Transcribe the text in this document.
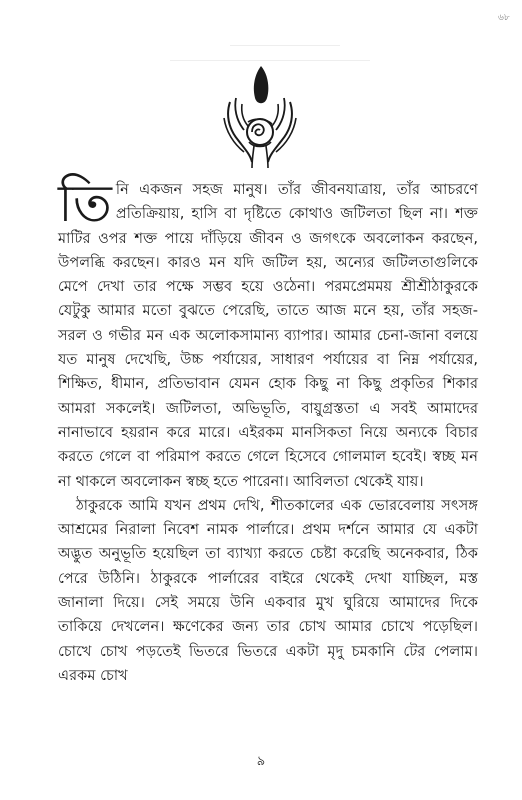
৬৮

তিনি একজন সহজ মানুষ। তাঁর জীবনযাত্রায়, তাঁর আচরণে প্রতিক্রিয়ায়, হাসি বা দৃষ্টিতে কোথাও জটিলতা ছিল না। শক্ত মাটির ওপর শক্ত পায়ে দাঁড়িয়ে জীবন ও জগৎকে অবলোকন করছেন, উপলব্ধি করছেন। কারও মন যদি জটিল হয়, অন্যের জটিলতাগুলিকে মেপে দেখা তার পক্ষে সম্ভব হয়ে ওঠেনা। পরমপ্রেমময় শ্রীশ্রীঠাকুরকে যেটুকু আমার মতো বুঝতে পেরেছি, তাতে আজ মনে হয়, তাঁর সহজ-সরল ও গভীর মন এক অলোকসামান্য ব্যাপার। আমার চেনা-জানা বলয়ে যত মানুষ দেখেছি, উচ্চ পর্যায়ের, সাধারণ পর্যায়ের বা নিম্ন পর্যায়ের, শিক্ষিত, ধীমান, প্রতিভাবান যেমন হোক কিছু না কিছু প্রকৃতির শিকার আমরা সকলেই। জটিলতা, অভিভূতি, বায়ুগ্রস্ততা এ সবই আমাদের নানাভাবে হয়রান করে মারে। এইরকম মানসিকতা নিয়ে অন্যকে বিচার করতে গেলে বা পরিমাপ করতে গেলে হিসেবে গোলমাল হবেই। স্বচ্ছ মন না থাকলে অবলোকন স্বচ্ছ হতে পারেনা। আবিলতা থেকেই যায়।

ঠাকুরকে আমি যখন প্রথম দেখি, শীতকালের এক ভোরবেলায় সৎসঙ্গ আশ্রমের নিরালা নিবেশ নামক পার্লারে। প্রথম দর্শনে আমার যে একটা অদ্ভুত অনুভূতি হয়েছিল তা ব্যাখ্যা করতে চেষ্টা করেছি অনেকবার, ঠিক পেরে উঠিনি। ঠাকুরকে পার্লারের বাইরে থেকেই দেখা যাচ্ছিল, মস্ত জানালা দিয়ে। সেই সময়ে উনি একবার মুখ ঘুরিয়ে আমাদের দিকে তাকিয়ে দেখলেন। ক্ষণেকের জন্য তার চোখ আমার চোখে পড়েছিল। চোখে চোখ পড়তেই ভিতরে ভিতরে একটা মৃদু চমকানি টের পেলাম। এরকম চোখ

৯
